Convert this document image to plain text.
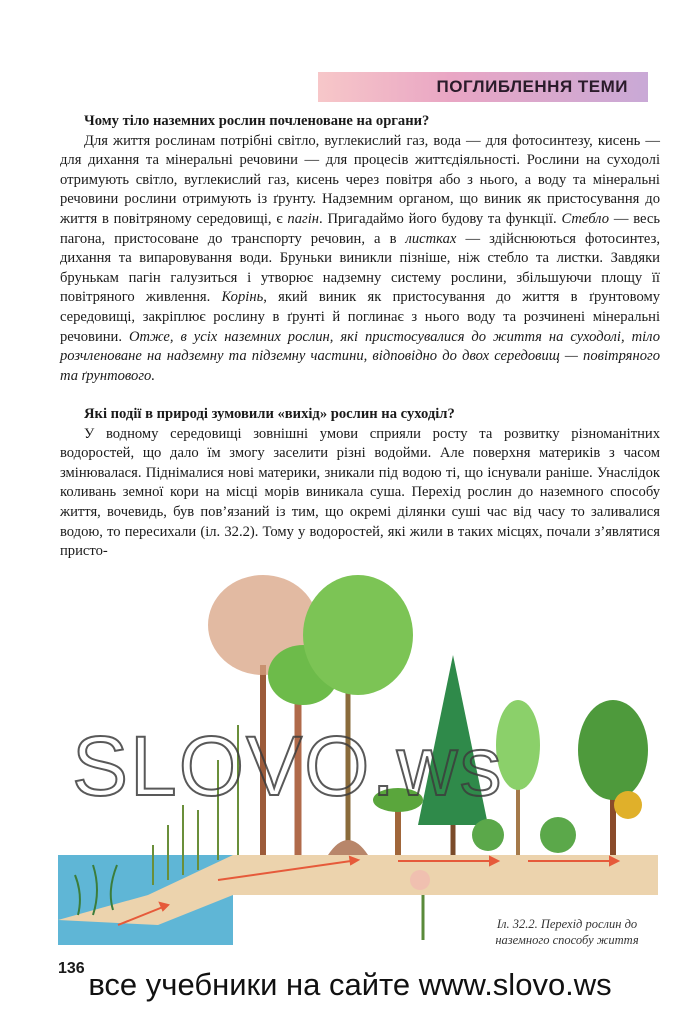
ПОГЛИБЛЕННЯ ТЕМИ
Чому тіло наземних рослин почленоване на органи?

Для життя рослинам потрібні світло, вуглекислий газ, вода — для фотосинтезу, кисень — для дихання та мінеральні речовини — для процесів життєдіяльності. Рослини на суходолі отримують світло, вуглекислий газ, кисень через повітря або з нього, а воду та мінеральні речовини рослини отримують із ґрунту. Надземним органом, що виник як пристосування до життя в повітряному середовищі, є пагін. Пригадаймо його будову та функції. Стебло — весь пагона, пристосоване до транспорту речовин, а в листках — здійснюються фотосинтез, дихання та випаровування води. Бруньки виникли пізніше, ніж стебло та листки. Завдяки брунькам пагін галузиться і утворює надземну систему рослини, збільшуючи площу її повітряного живлення. Корінь, який виник як пристосування до життя в ґрунтовому середовищі, закріплює рослину в ґрунті й поглинає з нього воду та розчинені мінеральні речовини. Отже, в усіх наземних рослин, які пристосувалися до життя на суходолі, тіло розчленоване на надземну та підземну частини, відповідно до двох середовищ — повітряного та ґрунтового.

Які події в природі зумовили «вихід» рослин на суходіл?

У водному середовищі зовнішні умови сприяли росту та розвитку різноманітних водоростей, що дало їм змогу заселити різні водойми. Але поверхня материків з часом змінювалася. Піднімалися нові материки, зникали під водою ті, що існували раніше. Унаслідок коливань земної кори на місці морів виникала суша. Перехід рослин до наземного способу життя, вочевидь, був пов’язаний із тим, що окремі ділянки суші час від часу то заливалися водою, то пересихали (іл. 32.2). Тому у водоростей, які жили в таких місцях, почали з’являтися присто-

SLOVO.ws
Іл. 32.2. Перехід рослин до наземного способу життя
136 все учебники на сайте www.slovo.ws
